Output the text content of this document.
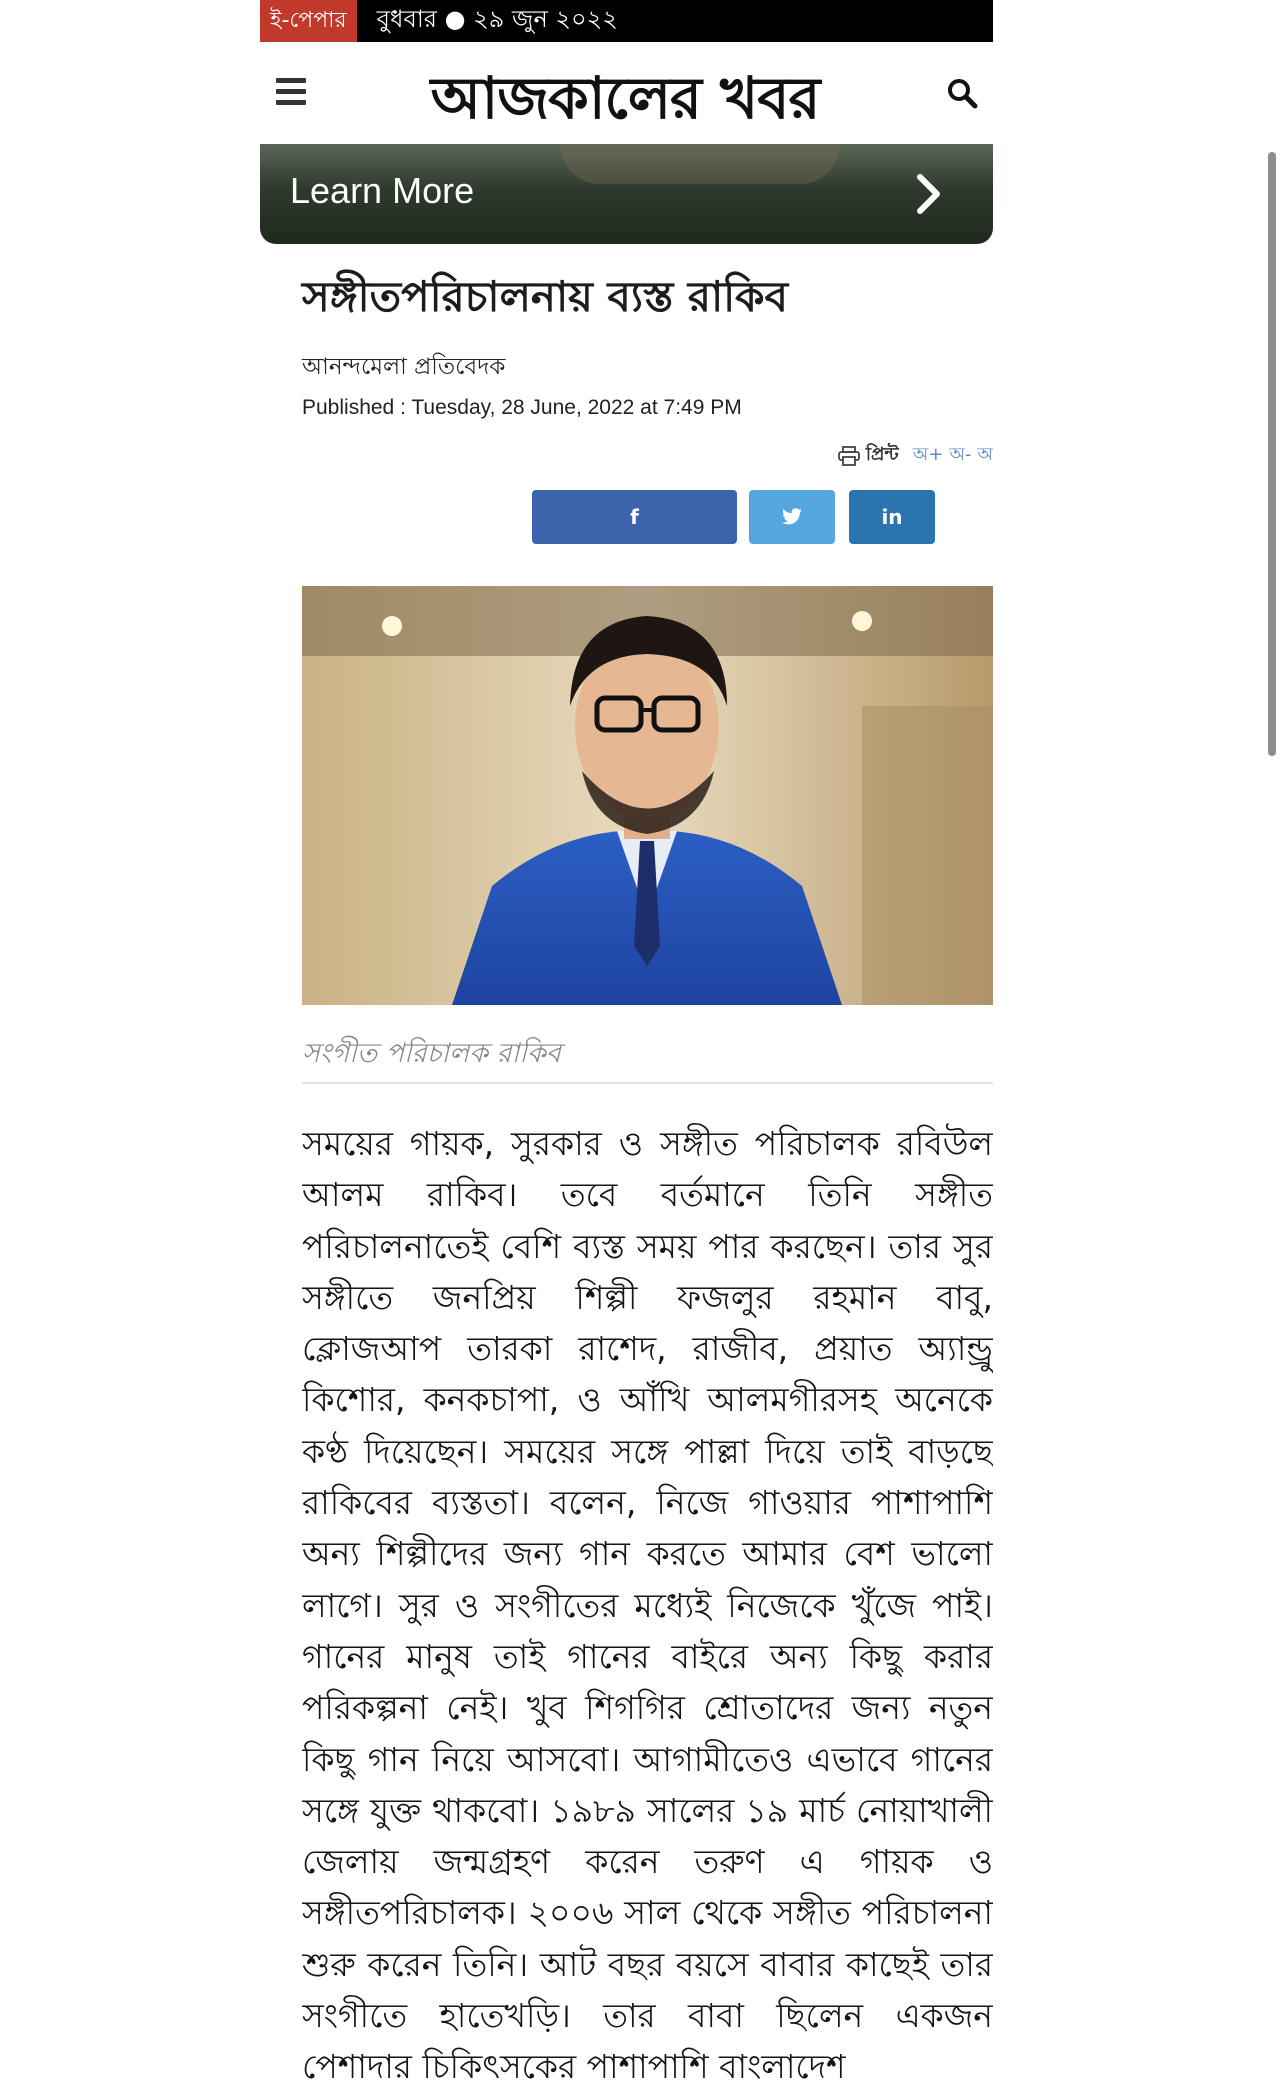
ই-পেপার	বুধবার ● ২৯ জুন ২০২২
আজকালের খবর
Learn More
সঙ্গীতপরিচালনায় ব্যস্ত রাকিব
আনন্দমেলা প্রতিবেদক
Published : Tuesday, 28 June, 2022 at 7:49 PM
প্রিন্ট অ+ অ- অ
f	in
সংগীত পরিচালক রাকিব

সময়ের গায়ক, সুরকার ও সঙ্গীত পরিচালক রবিউল আলম রাকিব। তবে বর্তমানে তিনি সঙ্গীত পরিচালনাতেই বেশি ব্যস্ত সময় পার করছেন। তার সুর সঙ্গীতে জনপ্রিয় শিল্পী ফজলুর রহমান বাবু, ক্লোজআপ তারকা রাশেদ, রাজীব, প্রয়াত অ্যান্ড্রু কিশোর, কনকচাপা, ও আঁখি আলমগীরসহ অনেকে কণ্ঠ দিয়েছেন। সময়ের সঙ্গে পাল্লা দিয়ে তাই বাড়ছে রাকিবের ব্যস্ততা। বলেন, নিজে গাওয়ার পাশাপাশি অন্য শিল্পীদের জন্য গান করতে আমার বেশ ভালো লাগে। সুর ও সংগীতের মধ্যেই নিজেকে খুঁজে পাই। গানের মানুষ তাই গানের বাইরে অন্য কিছু করার পরিকল্পনা নেই। খুব শিগগির শ্রোতাদের জন্য নতুন কিছু গান নিয়ে আসবো। আগামীতেও এভাবে গানের সঙ্গে যুক্ত থাকবো। ১৯৮৯ সালের ১৯ মার্চ নোয়াখালী জেলায় জন্মগ্রহণ করেন তরুণ এ গায়ক ও সঙ্গীতপরিচালক। ২০০৬ সাল থেকে সঙ্গীত পরিচালনা শুরু করেন তিনি। আট বছর বয়সে বাবার কাছেই তার সংগীতে হাতেখড়ি। তার বাবা ছিলেন একজন পেশাদার চিকিৎসকের পাশাপাশি বাংলাদেশ
